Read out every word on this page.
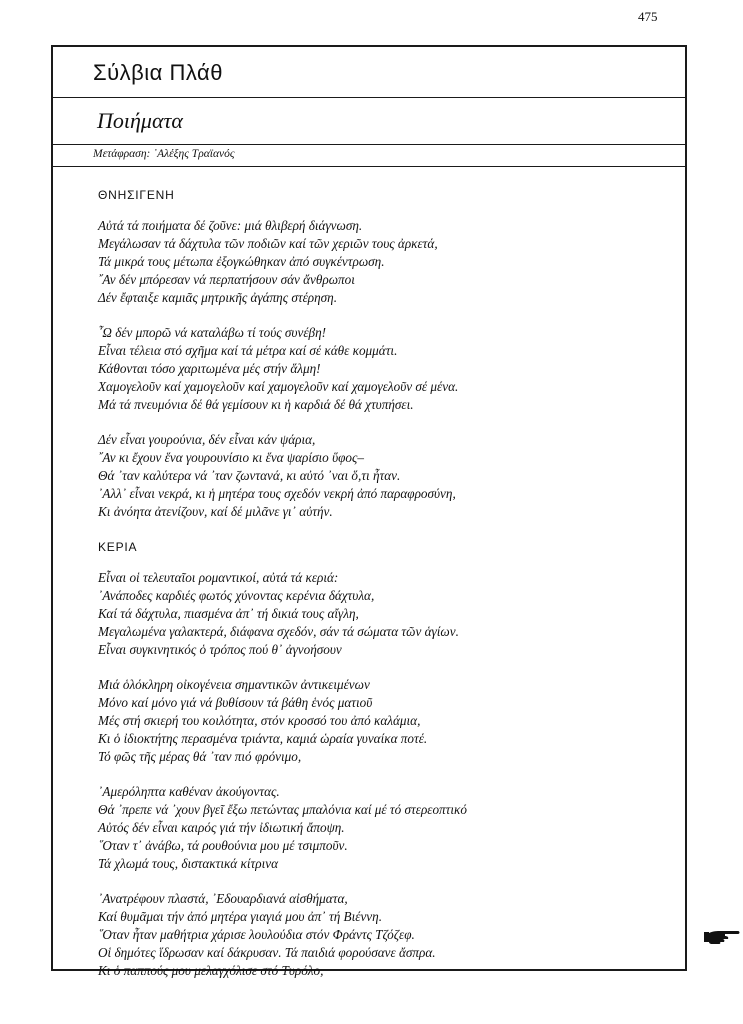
475
Σύλβια Πλάθ
Ποιήματα
Μετάφραση: ᾿Αλέξης Τραϊανός
ΘΝΗΣΙΓΕΝΗ
Αὐτά τά ποιήματα δέ ζοῦνε: μιά θλιβερή διάγνωση.
Μεγάλωσαν τά δάχτυλα τῶν ποδιῶν καί τῶν χεριῶν τους ἀρκετά,
Τά μικρά τους μέτωπα ἐξογκώθηκαν ἀπό συγκέντρωση.
῎Αν δέν μπόρεσαν νά περπατήσουν σάν ἄνθρωποι
Δέν ἔφταιξε καμιᾶς μητρικῆς ἀγάπης στέρηση.
῏Ω δέν μπορῶ νά καταλάβω τί τούς συνέβη!
Εἶναι τέλεια στό σχῆμα καί τά μέτρα καί σέ κάθε κομμάτι.
Κάθονται τόσο χαριτωμένα μές στήν ἅλμη!
Χαμογελοῦν καί χαμογελοῦν καί χαμογελοῦν καί χαμογελοῦν σέ μένα.
Μά τά πνευμόνια δέ θά γεμίσουν κι ἡ καρδιά δέ θά χτυπήσει.
Δέν εἶναι γουρούνια, δέν εἶναι κάν ψάρια,
῎Αν κι ἔχουν ἕνα γουρουνίσιο κι ἕνα ψαρίσιο ὕφος–
Θά ᾿ταν καλύτερα νά ᾿ταν ζωντανά, κι αὐτό ᾿ναι ὅ,τι ἦταν.
᾿Αλλ᾿ εἶναι νεκρά, κι ἡ μητέρα τους σχεδόν νεκρή ἀπό παραφροσύνη,
Κι ἀνόητα ἀτενίζουν, καί δέ μιλᾶνε γι᾿ αὐτήν.
ΚΕΡΙΑ
Εἶναι οἱ τελευταῖοι ρομαντικοί, αὐτά τά κεριά:
᾿Ανάποδες καρδιές φωτός χύνοντας κερένια δάχτυλα,
Καί τά δάχτυλα, πιασμένα ἀπ᾿ τή δικιά τους αἴγλη,
Μεγαλωμένα γαλακτερά, διάφανα σχεδόν, σάν τά σώματα τῶν ἁγίων.
Εἶναι συγκινητικός ὁ τρόπος πού θ᾿ ἀγνοήσουν
Μιά ὁλόκληρη οἰκογένεια σημαντικῶν ἀντικειμένων
Μόνο καί μόνο γιά νά βυθίσουν τά βάθη ἑνός ματιοῦ
Μές στή σκιερή του κοιλότητα, στόν κροσσό του ἀπό καλάμια,
Κι ὁ ἰδιοκτήτης περασμένα τριάντα, καμιά ὡραία γυναίκα ποτέ.
Τό φῶς τῆς μέρας θά ᾿ταν πιό φρόνιμο,
᾿Αμερόληπτα καθέναν ἀκούγοντας.
Θά ᾿πρεπε νά ᾿χουν βγεῖ ἔξω πετώντας μπαλόνια καί μέ τό στερεοπτικό
Αὐτός δέν εἶναι καιρός γιά τήν ἰδιωτική ἄποψη.
῞Οταν τ᾿ ἀνάβω, τά ρουθούνια μου μέ τσιμποῦν.
Τά χλωμά τους, διστακτικά κίτρινα
᾿Ανατρέφουν πλαστά, ᾿Εδουαρδιανά αἰσθήματα,
Καί θυμᾶμαι τήν ἀπό μητέρα γιαγιά μου ἀπ᾿ τή Βιέννη.
῞Οταν ἦταν μαθήτρια χάρισε λουλούδια στόν Φράντς Τζόζεφ.
Οἱ δημότες ἵδρωσαν καί δάκρυσαν. Τά παιδιά φορούσανε ἄσπρα.
Κι ὁ παππούς μου μελαγχόλισε στό Τυρόλο,
